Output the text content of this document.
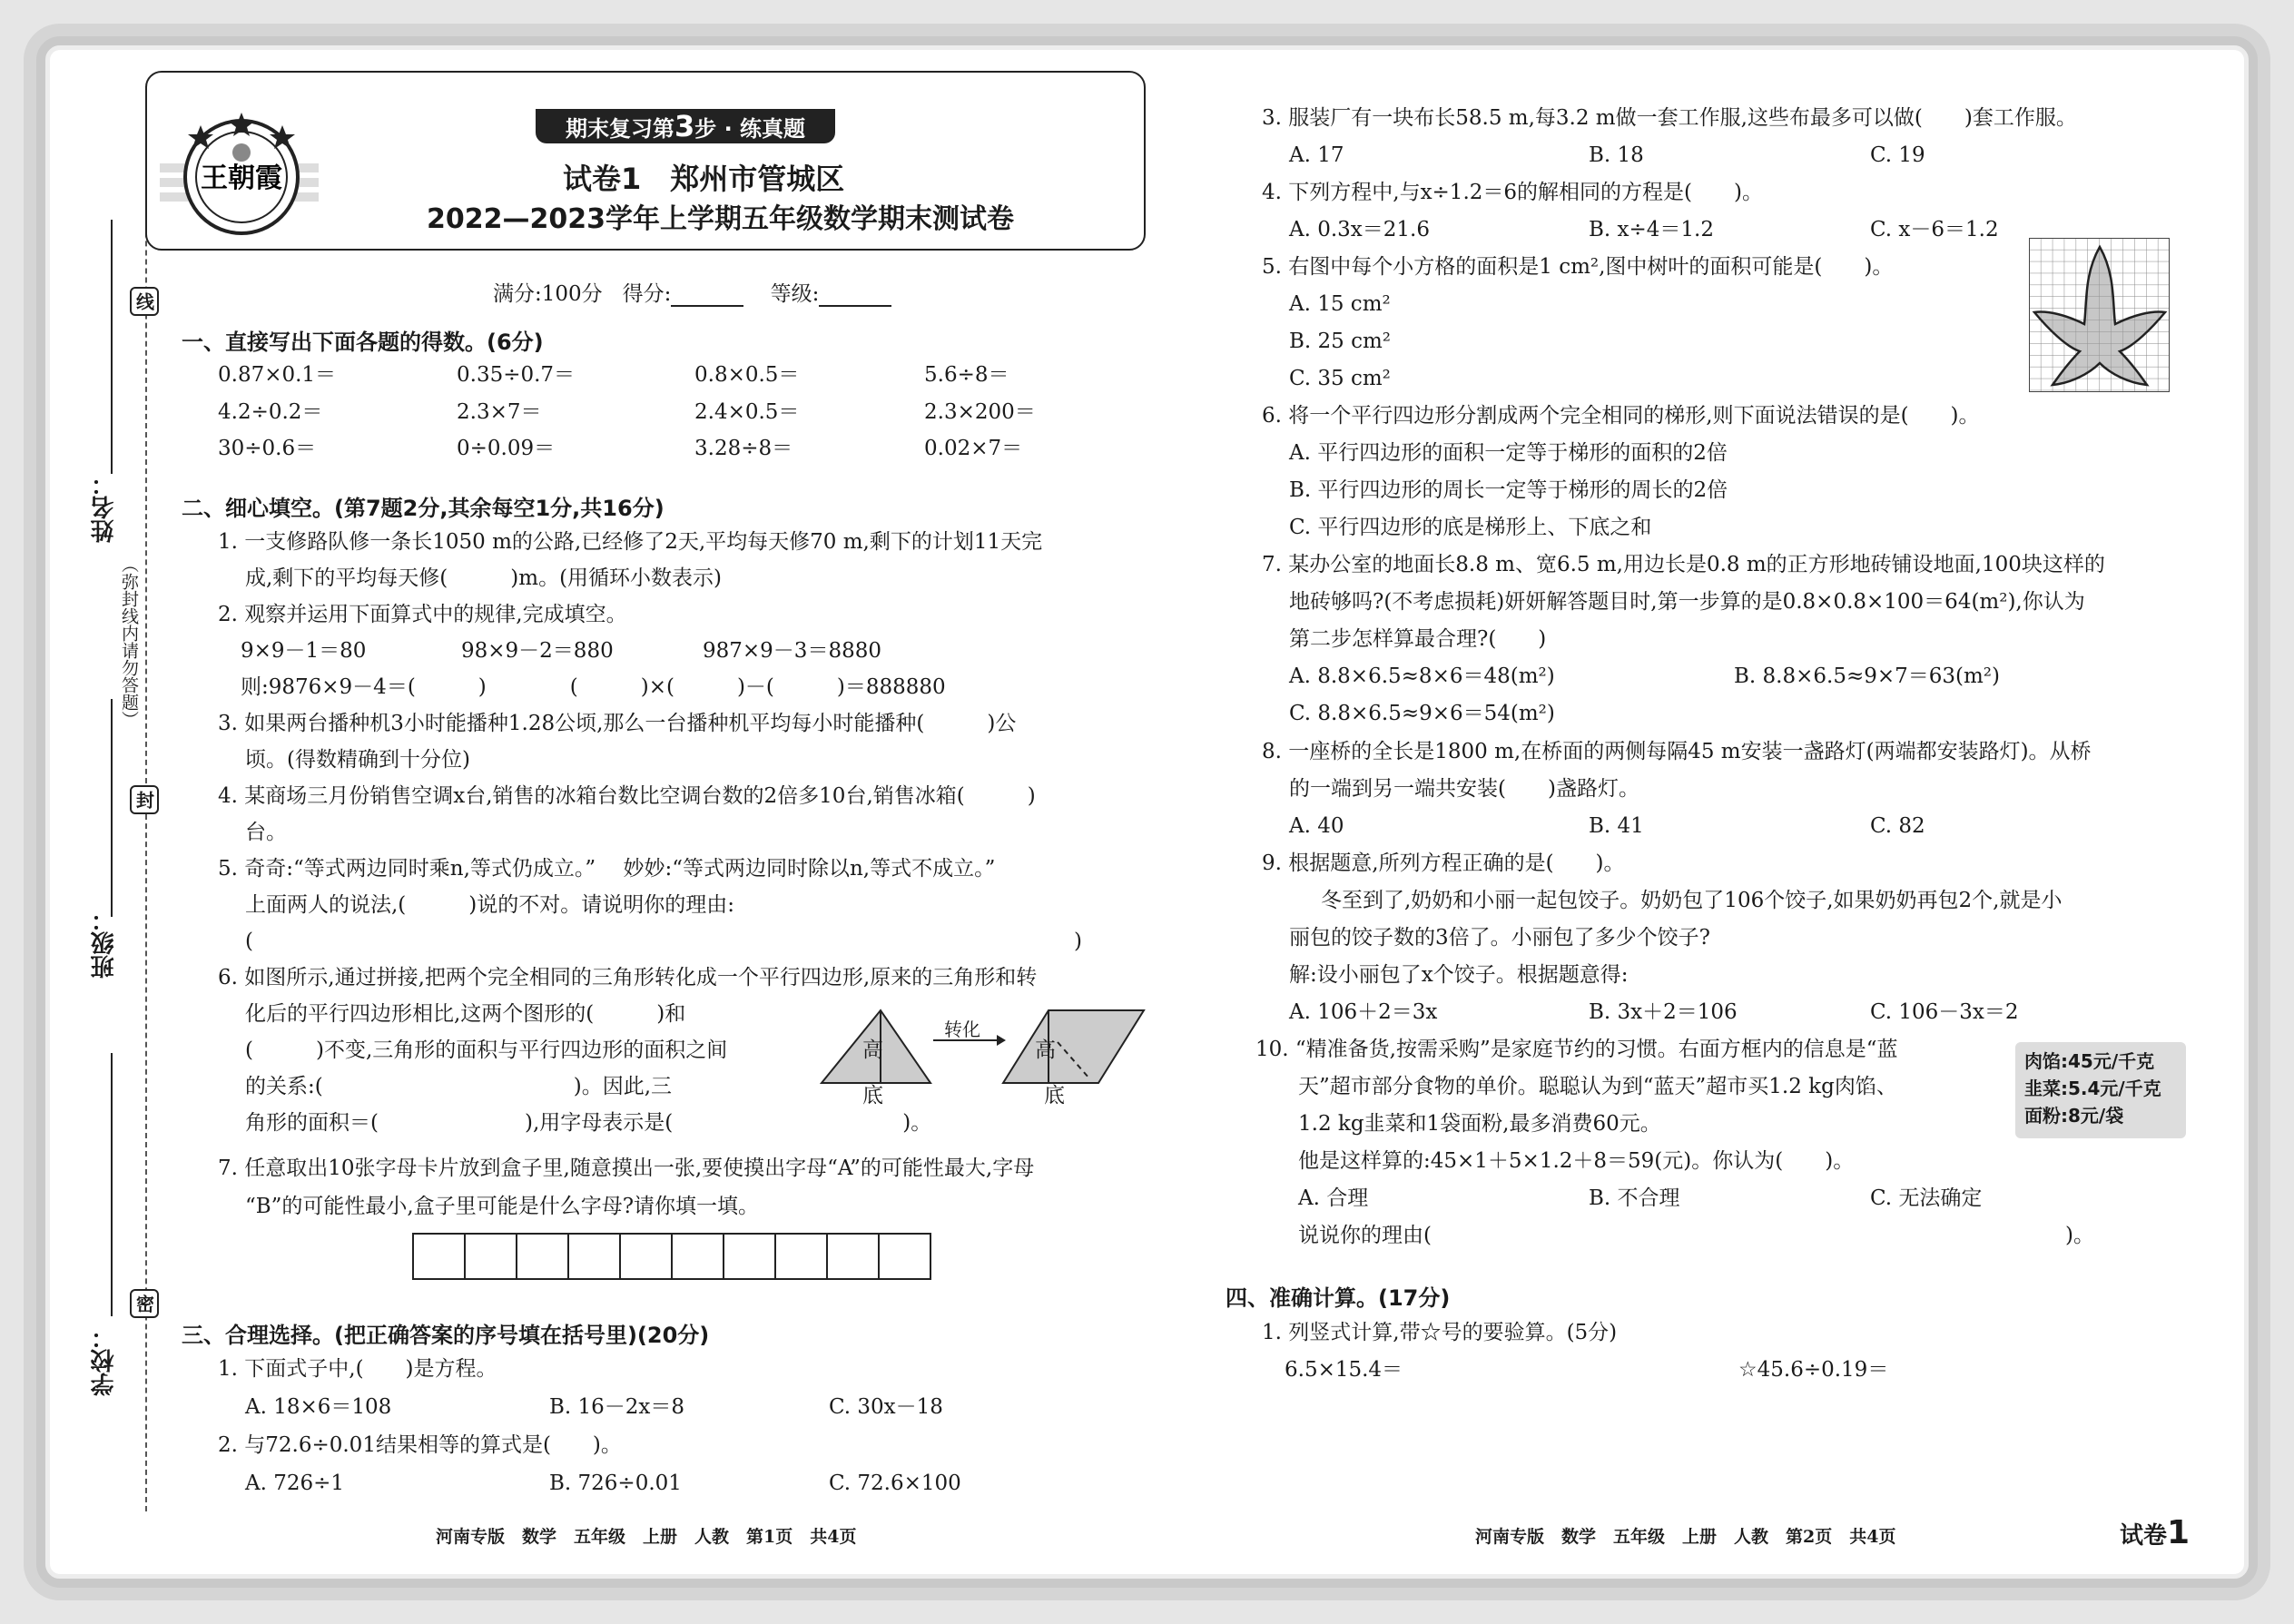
线
封
密
（弥封线内请勿答题）
姓名：
班级：
学校：
王朝霞
期末复习第 3 步 · 练真题
试卷1　郑州市管城区
2022—2023学年上学期五年级数学期末测试卷
满分:100分 得分:	等级:
一、直接写出下面各题的得数。(6分)
0.87×0.1＝	0.35÷0.7＝	0.8×0.5＝	5.6÷8＝
4.2÷0.2＝	2.3×7＝	2.4×0.5＝	2.3×200＝
30÷0.6＝	0÷0.09＝	3.28÷8＝	0.02×7＝
二、细心填空。(第7题2分,其余每空1分,共16分)
1. 一支修路队修一条长1050 m的公路,已经修了2天,平均每天修70 m,剩下的计划11天完
成,剩下的平均每天修(　　　)m。(用循环小数表示)
2. 观察并运用下面算式中的规律,完成填空。
9×9－1＝80	98×9－2＝880	987×9－3＝8880
则:9876×9－4＝(　　　)　　　　(　　　)×(　　　)－(　　　)＝888880
3. 如果两台播种机3小时能播种1.28公顷,那么一台播种机平均每小时能播种(　　　)公
顷。(得数精确到十分位)
4. 某商场三月份销售空调x台,销售的冰箱台数比空调台数的2倍多10台,销售冰箱(　　　)
台。
5. 奇奇:“等式两边同时乘n,等式仍成立。”　 妙妙:“等式两边同时除以n,等式不成立。”
上面两人的说法,(　　　)说的不对。请说明你的理由:
(	)
6. 如图所示,通过拼接,把两个完全相同的三角形转化成一个平行四边形,原来的三角形和转
化后的平行四边形相比,这两个图形的(　　　)和
(　　　)不变,三角形的面积与平行四边形的面积之间
的关系:(　　　　　　　　　　　　)。因此,三
角形的面积＝(　　　　　　　),用字母表示是(　　　　　　　　　　　)。
高
底
高
底
转化
7. 任意取出10张字母卡片放到盒子里,随意摸出一张,要使摸出字母“A”的可能性最大,字母
“B”的可能性最小,盒子里可能是什么字母?请你填一填。
三、合理选择。(把正确答案的序号填在括号里)(20分)
1. 下面式子中,(　　)是方程。
A. 18×6＝108	B. 16－2x＝8	C. 30x－18
2. 与72.6÷0.01结果相等的算式是(　　)。
A. 726÷1	B. 726÷0.01	C. 72.6×100
河南专版　数学　五年级　上册　人教　第1页　共4页
3. 服装厂有一块布长58.5 m,每3.2 m做一套工作服,这些布最多可以做(　　)套工作服。
A. 17	B. 18	C. 19
4. 下列方程中,与x÷1.2＝6的解相同的方程是(　　)。
A. 0.3x＝21.6	B. x÷4＝1.2	C. x－6＝1.2
5. 右图中每个小方格的面积是1 cm²,图中树叶的面积可能是(　　)。
A. 15 cm²
B. 25 cm²
C. 35 cm²
6. 将一个平行四边形分割成两个完全相同的梯形,则下面说法错误的是(　　)。
A. 平行四边形的面积一定等于梯形的面积的2倍
B. 平行四边形的周长一定等于梯形的周长的2倍
C. 平行四边形的底是梯形上、下底之和
7. 某办公室的地面长8.8 m、宽6.5 m,用边长是0.8 m的正方形地砖铺设地面,100块这样的
地砖够吗?(不考虑损耗)妍妍解答题目时,第一步算的是0.8×0.8×100＝64(m²),你认为
第二步怎样算最合理?(　　)
A. 8.8×6.5≈8×6＝48(m²)	B. 8.8×6.5≈9×7＝63(m²)
C. 8.8×6.5≈9×6＝54(m²)
8. 一座桥的全长是1800 m,在桥面的两侧每隔45 m安装一盏路灯(两端都安装路灯)。从桥
的一端到另一端共安装(　　)盏路灯。
A. 40	B. 41	C. 82
9. 根据题意,所列方程正确的是(　　)。
冬至到了,奶奶和小丽一起包饺子。奶奶包了106个饺子,如果奶奶再包2个,就是小
丽包的饺子数的3倍了。小丽包了多少个饺子?
解:设小丽包了x个饺子。根据题意得:
A. 106＋2＝3x	B. 3x＋2＝106	C. 106－3x＝2
10. “精准备货,按需采购”是家庭节约的习惯。右面方框内的信息是“蓝
天”超市部分食物的单价。聪聪认为到“蓝天”超市买1.2 kg肉馅、
1.2 kg韭菜和1袋面粉,最多消费60元。
他是这样算的:45×1＋5×1.2＋8＝59(元)。你认为(　　)。
A. 合理	B. 不合理	C. 无法确定
说说你的理由(	)。
肉馅:45元/千克
韭菜:5.4元/千克
面粉:8元/袋
四、准确计算。(17分)
1. 列竖式计算,带☆号的要验算。(5分)
6.5×15.4＝	☆45.6÷0.19＝
河南专版　数学　五年级　上册　人教　第2页　共4页	试卷1
